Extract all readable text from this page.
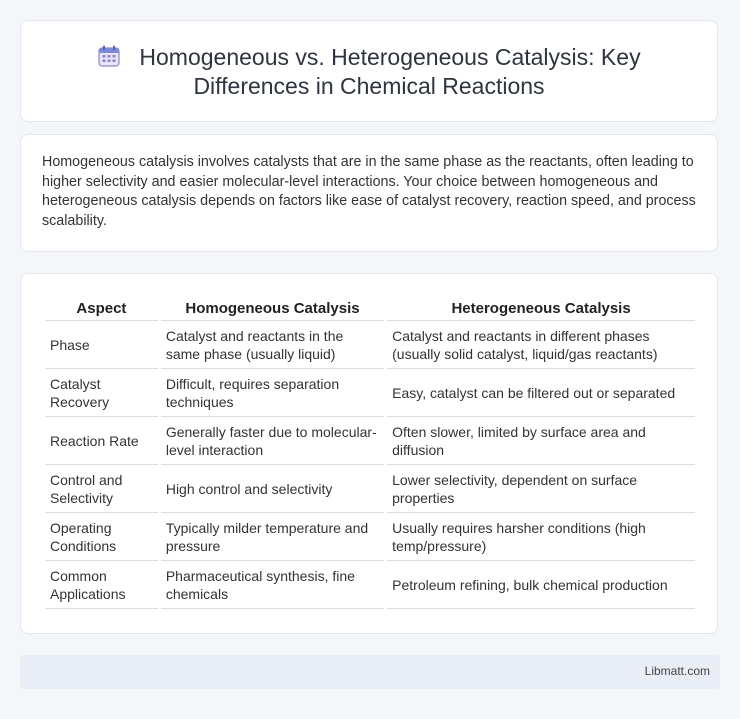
Homogeneous vs. Heterogeneous Catalysis: Key
Differences in Chemical Reactions
Homogeneous catalysis involves catalysts that are in the same phase as the reactants, often leading to higher selectivity and easier molecular-level interactions. Your choice between homogeneous and heterogeneous catalysis depends on factors like ease of catalyst recovery, reaction speed, and process scalability.
Aspect	Homogeneous Catalysis	Heterogeneous Catalysis
Phase	Catalyst and reactants in the same phase (usually liquid)	Catalyst and reactants in different phases (usually solid catalyst, liquid/gas reactants)
Catalyst Recovery	Difficult, requires separation techniques	Easy, catalyst can be filtered out or separated
Reaction Rate	Generally faster due to molecular-level interaction	Often slower, limited by surface area and diffusion
Control and Selectivity	High control and selectivity	Lower selectivity, dependent on surface properties
Operating Conditions	Typically milder temperature and pressure	Usually requires harsher conditions (high temp/pressure)
Common Applications	Pharmaceutical synthesis, fine chemicals	Petroleum refining, bulk chemical production
Libmatt.com
